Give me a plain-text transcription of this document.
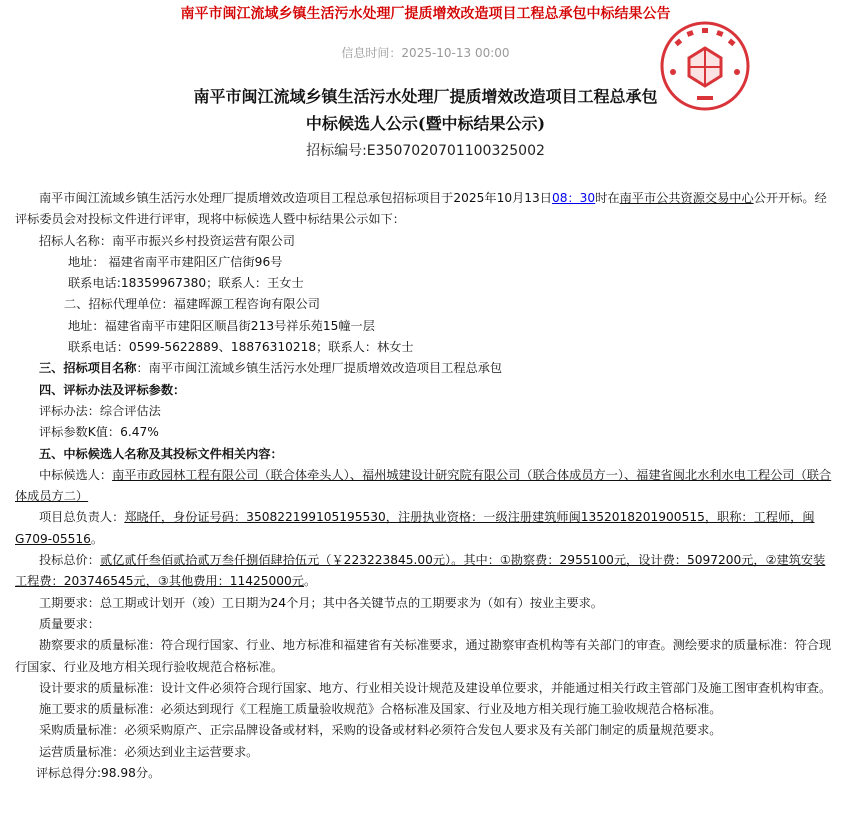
南平市闽江流域乡镇生活污水处理厂提质增效改造项目工程总承包中标结果公告
信息时间：2025-10-13 00:00
南平市闽江流域乡镇生活污水处理厂提质增效改造项目工程总承包
中标候选人公示(暨中标结果公示)
招标编号:E3507020701100325002

南平市闽江流域乡镇生活污水处理厂提质增效改造项目工程总承包招标项目于2025年10月13日08：30时在南平市公共资源交易中心公开开标。经评标委员会对投标文件进行评审，现将中标候选人暨中标结果公示如下：

招标人名称：南平市振兴乡村投资运营有限公司

地址： 福建省南平市建阳区广信街96号

联系电话:18359967380；联系人：王女士

二、招标代理单位：福建晖源工程咨询有限公司

地址：福建省南平市建阳区顺昌街213号祥乐苑15幢一层

联系电话：0599-5622889、18876310218；联系人：林女士

三、招标项目名称：南平市闽江流域乡镇生活污水处理厂提质增效改造项目工程总承包

四、评标办法及评标参数：

评标办法：综合评估法

评标参数K值：6.47%

五、中标候选人名称及其投标文件相关内容：

中标候选人：南平市政园林工程有限公司（联合体牵头人）、福州城建设计研究院有限公司（联合体成员方一）、福建省闽北水利水电工程公司（联合体成员方二）

项目总负责人：郑晓仟，身份证号码：350822199105195530，注册执业资格：一级注册建筑师闽1352018201900515，职称：工程师，闽G709-05516。

投标总价：贰亿贰仟叁佰贰拾贰万叁仟捌佰肆拾伍元（￥223223845.00元）。其中：①勘察费：2955100元，设计费：5097200元，②建筑安装工程费：203746545元，③其他费用：11425000元。

工期要求：总工期或计划开（竣）工日期为24个月；其中各关键节点的工期要求为（如有）按业主要求。

质量要求：

勘察要求的质量标准：符合现行国家、行业、地方标准和福建省有关标准要求，通过勘察审查机构等有关部门的审查。测绘要求的质量标准：符合现行国家、行业及地方相关现行验收规范合格标准。

设计要求的质量标准：设计文件必须符合现行国家、地方、行业相关设计规范及建设单位要求，并能通过相关行政主管部门及施工图审查机构审查。

施工要求的质量标准：必须达到现行《工程施工质量验收规范》合格标准及国家、行业及地方相关现行施工验收规范合格标准。

采购质量标准：必须采购原产、正宗品牌设备或材料，采购的设备或材料必须符合发包人要求及有关部门制定的质量规范要求。

运营质量标准：必须达到业主运营要求。

评标总得分:98.98分。
